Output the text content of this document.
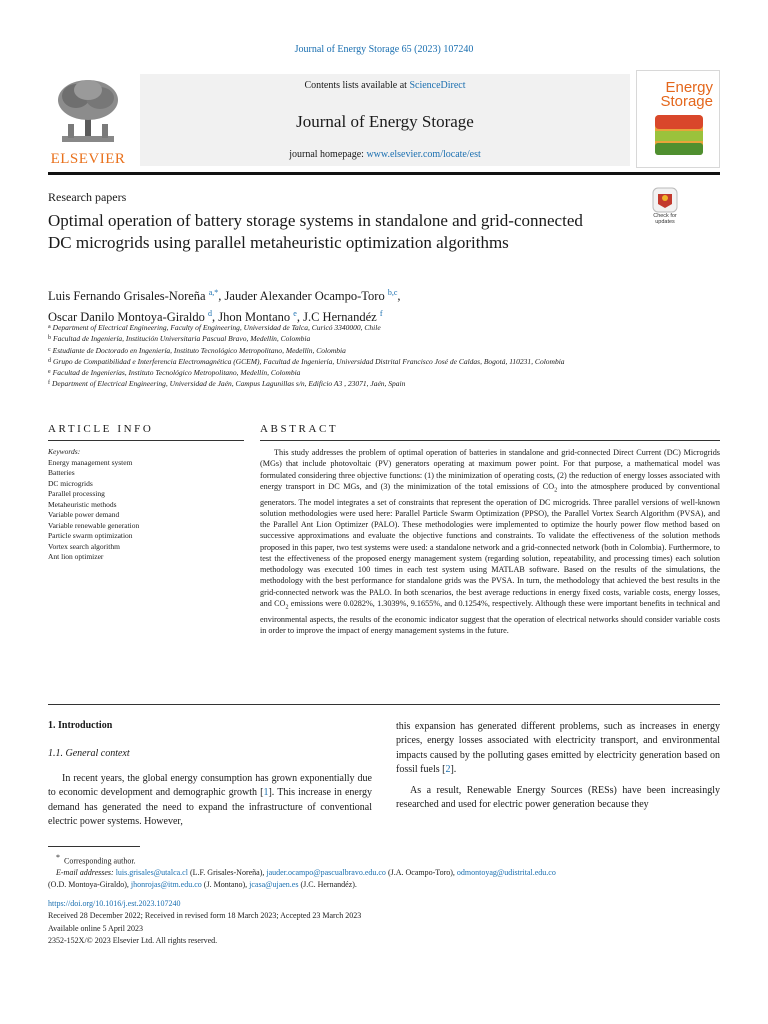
Journal of Energy Storage 65 (2023) 107240
ELSEVIER
Contents lists available at ScienceDirect
Journal of Energy Storage
journal homepage: www.elsevier.com/locate/est
Energy
Storage
Research papers
Optimal operation of battery storage systems in standalone and grid-connected DC microgrids using parallel metaheuristic optimization algorithms
Check for updates
Luis Fernando Grisales-Noreña $^{a,*}$, Jauder Alexander Ocampo-Toro $^{b,c}$,
Oscar Danilo Montoya-Giraldo $^d$, Jhon Montano $^e$, J.C Hernandéz $^f$
$^a$ Department of Electrical Engineering, Faculty of Engineering, Universidad de Talca, Curicó 3340000, Chile
$^b$ Facultad de Ingeniería, Institución Universitaria Pascual Bravo, Medellín, Colombia
$^c$ Estudiante de Doctorado en Ingeniería, Instituto Tecnológico Metropolitano, Medellín, Colombia
$^d$ Grupo de Compatibilidad e Interferencia Electromagnética (GCEM), Facultad de Ingeniería, Universidad Distrital Francisco José de Caldas, Bogotá, 110231, Colombia
$^e$ Facultad de Ingenierías, Instituto Tecnológico Metropolitano, Medellín, Colombia
$^f$ Department of Electrical Engineering, Universidad de Jaén, Campus Lagunillas s/n, Edificio A3 , 23071, Jaén, Spain
ARTICLE INFO	ABSTRACT
Keywords:
Energy management system
Batteries
DC microgrids
Parallel processing
Metaheuristic methods
Variable power demand
Variable renewable generation
Particle swarm optimization
Vortex search algorithm
Ant lion optimizer
This study addresses the problem of optimal operation of batteries in standalone and grid-connected Direct Current (DC) Microgrids (MGs) that include photovoltaic (PV) generators operating at maximum power point. For that purpose, a mathematical model was formulated considering three objective functions: (1) the minimization of operating costs, (2) the reduction of energy losses associated with energy transport in DC MGs, and (3) the minimization of the total emissions of $CO_2$ into the atmosphere produced by conventional generators. The model integrates a set of constraints that represent the operation of DC microgrids. Three parallel versions of well-known solution methodologies were used here: Parallel Particle Swarm Optimization (PPSO), the Parallel Vortex Search Algorithm (PVSA), and the Parallel Ant Lion Optimizer (PALO). These methodologies were implemented to optimize the hourly power flow method based on successive approximations and evaluate the objective functions and constraints. To validate the effectiveness of the solution methods proposed in this paper, two test systems were used: a standalone network and a grid-connected network (both in Colombia). Furthermore, to test the effectiveness of the proposed energy management system (regarding solution, repeatability, and processing times) each solution methodology was executed 100 times in each test system using MATLAB software. Based on the results of the simulations, the methodology with the best performance for standalone grids was the PVSA. In turn, the methodology that achieved the best results in the grid-connected network was the PALO. In both scenarios, the best average reductions in energy fixed costs, variable costs, energy losses, and $CO_2$ emissions were 0.0282%, 1.3039%, 9.1655%, and 0.1254%, respectively. Although these were important benefits in technical and environmental aspects, the results of the economic indicator suggest that the operation of electrical networks should consider variable costs in order to improve the impact of energy management systems in the future.
1. Introduction
1.1. General context
In recent years, the global energy consumption has grown exponentially due to economic development and demographic growth [1]. This increase in energy demand has generated the need to expand the infrastructure of conventional electric power systems. However,
this expansion has generated different problems, such as increases in energy prices, energy losses associated with electricity transport, and environmental impacts caused by the polluting gases emitted by electricity generation based on fossil fuels [2].
As a result, Renewable Energy Sources (RESs) have been increasingly researched and used for electric power generation because they
* Corresponding author.
E-mail addresses: luis.grisales@utalca.cl (L.F. Grisales-Noreña), jauder.ocampo@pascualbravo.edu.co (J.A. Ocampo-Toro), odmontoyag@udistrital.edu.co
(O.D. Montoya-Giraldo), jhonrojas@itm.edu.co (J. Montano), jcasa@ujaen.es (J.C. Hernandéz).
https://doi.org/10.1016/j.est.2023.107240
Received 28 December 2022; Received in revised form 18 March 2023; Accepted 23 March 2023
Available online 5 April 2023
2352-152X/© 2023 Elsevier Ltd. All rights reserved.
